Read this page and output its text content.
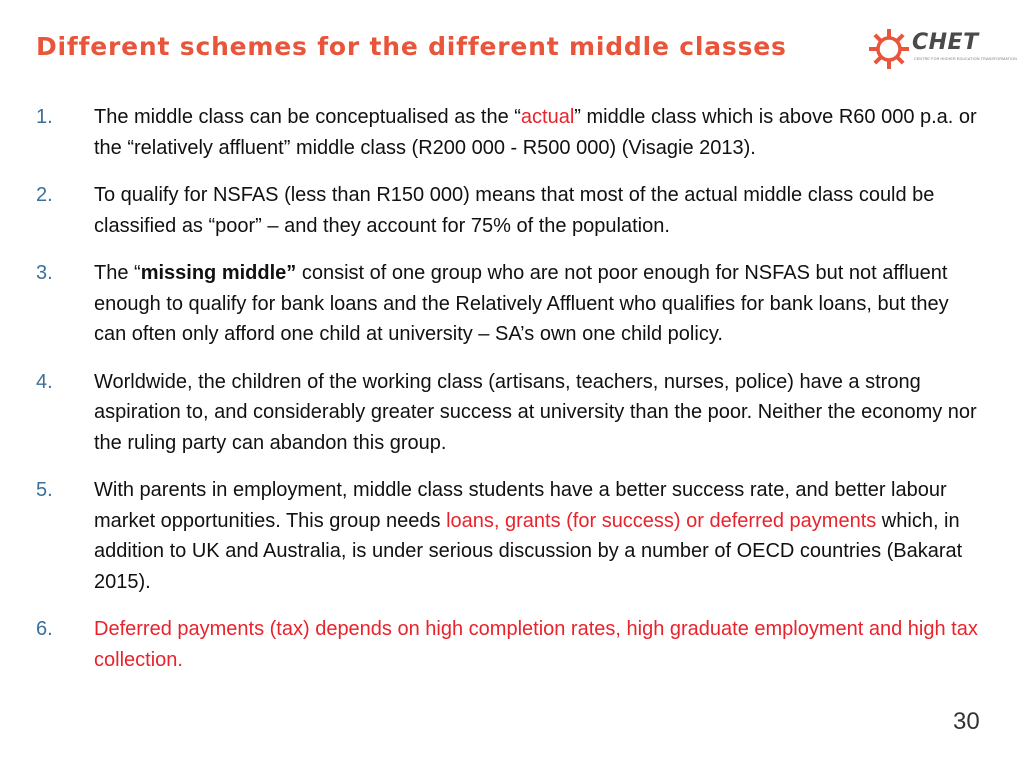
Different schemes for the different middle classes	CHET
CENTRE FOR HIGHER EDUCATION TRANSFORMATION
1.	The middle class can be conceptualised as the “actual” middle class which is above R60 000 p.a. or the “relatively affluent” middle class (R200 000 - R500 000) (Visagie 2013).
2.	To qualify for NSFAS (less than R150 000) means that most of the actual middle class could be classified as “poor” – and they account for 75% of the population.
3.	The “missing middle” consist of one group who are not poor enough for NSFAS but not affluent enough to qualify for bank loans and the Relatively Affluent who qualifies for bank loans, but they can often only afford one child at university – SA’s own one child policy.
4.	Worldwide, the children of the working class (artisans, teachers, nurses, police) have a strong aspiration to, and considerably greater success at university than the poor. Neither the economy nor the ruling party can abandon this group.
5.	With parents in employment, middle class students have a better success rate, and better labour market opportunities. This group needs loans, grants (for success) or deferred payments which, in addition to UK and Australia, is under serious discussion by a number of OECD countries (Bakarat 2015).
6.	Deferred payments (tax) depends on high completion rates, high graduate employment and high tax collection.
30
